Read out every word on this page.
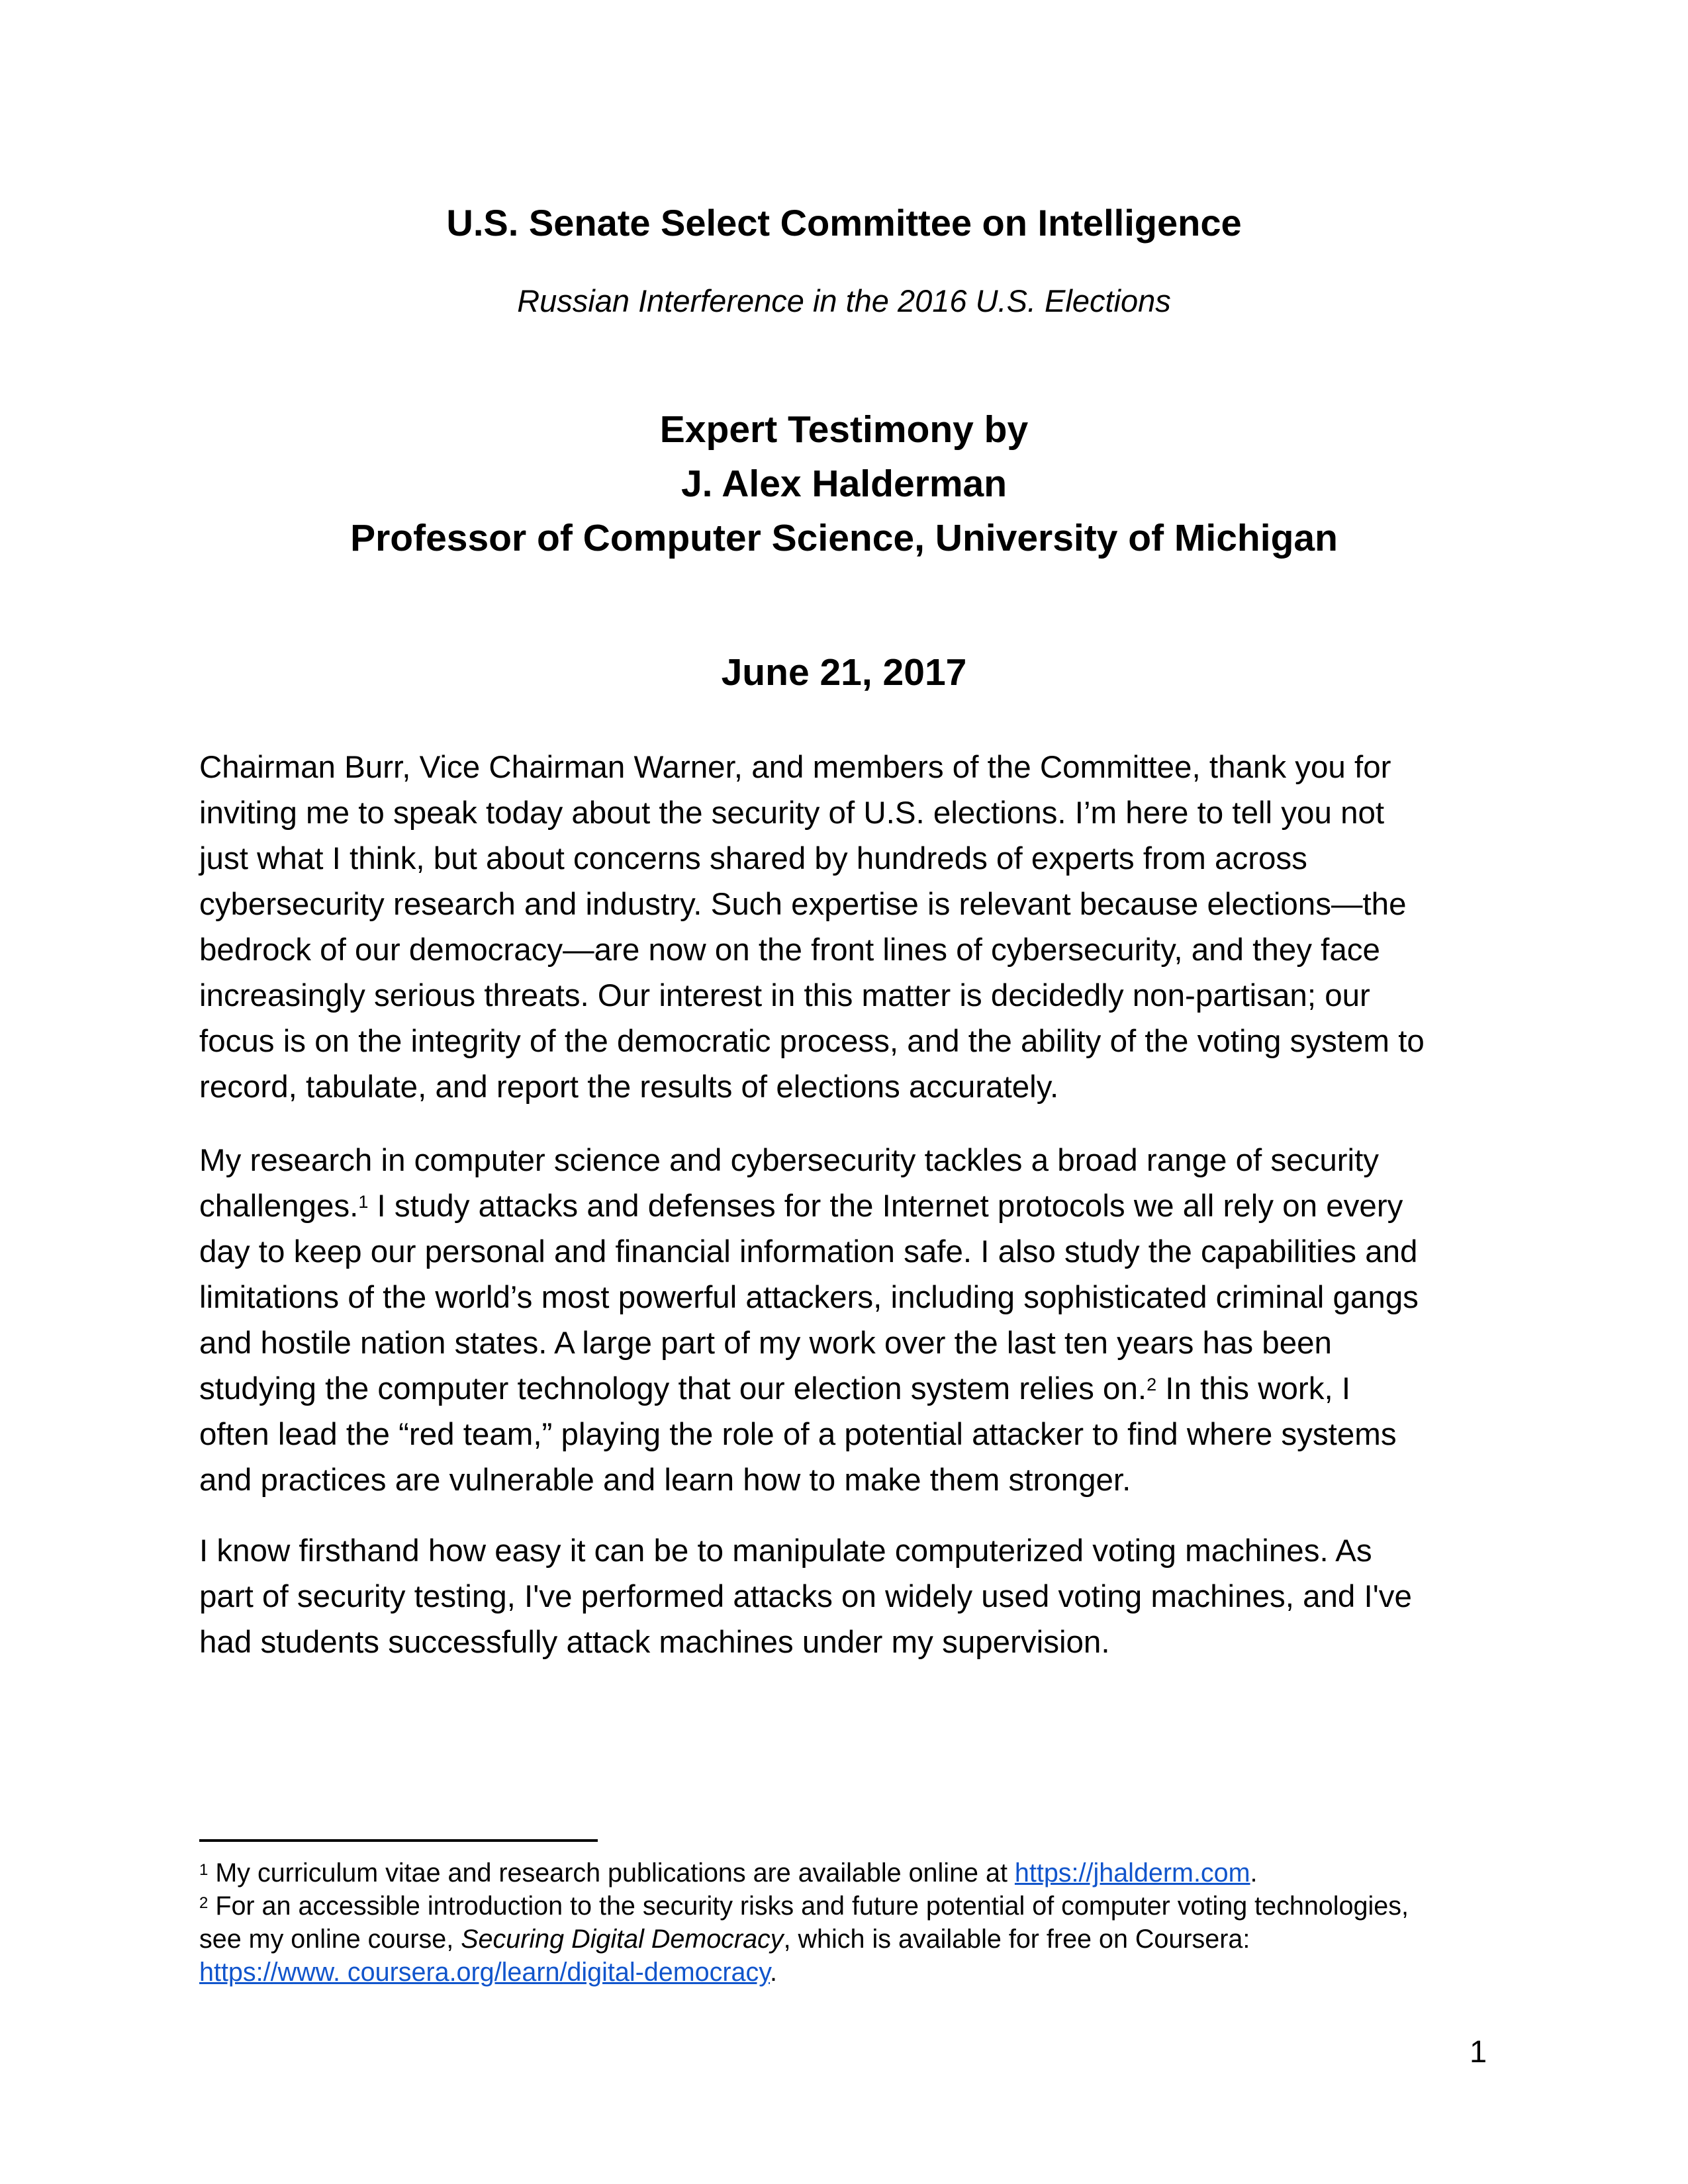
U.S. Senate Select Committee on Intelligence
Russian Interference in the 2016 U.S. Elections
Expert Testimony by
J. Alex Halderman
Professor of Computer Science, University of Michigan
June 21, 2017
Chairman Burr, Vice Chairman Warner, and members of the Committee, thank you for
inviting me to speak today about the security of U.S. elections. I’m here to tell you not
just what I think, but about concerns shared by hundreds of experts from across
cybersecurity research and industry. Such expertise is relevant because elections—the
bedrock of our democracy—are now on the front lines of cybersecurity, and they face
increasingly serious threats. Our interest in this matter is decidedly non-partisan; our
focus is on the integrity of the democratic process, and the ability of the voting system to
record, tabulate, and report the results of elections accurately.
My research in computer science and cybersecurity tackles a broad range of security
challenges.$^1$ I study attacks and defenses for the Internet protocols we all rely on every
day to keep our personal and financial information safe. I also study the capabilities and
limitations of the world’s most powerful attackers, including sophisticated criminal gangs
and hostile nation states. A large part of my work over the last ten years has been
studying the computer technology that our election system relies on.$^2$ In this work, I
often lead the “red team,” playing the role of a potential attacker to find where systems
and practices are vulnerable and learn how to make them stronger.
I know firsthand how easy it can be to manipulate computerized voting machines. As
part of security testing, I've performed attacks on widely used voting machines, and I've
had students successfully attack machines under my supervision.
$^1$ My curriculum vitae and research publications are available online at https://jhalderm.com.
$^2$ For an accessible introduction to the security risks and future potential of computer voting technologies,
see my online course, Securing Digital Democracy, which is available for free on Coursera:
https://www. coursera.org/learn/digital-democracy.
1
